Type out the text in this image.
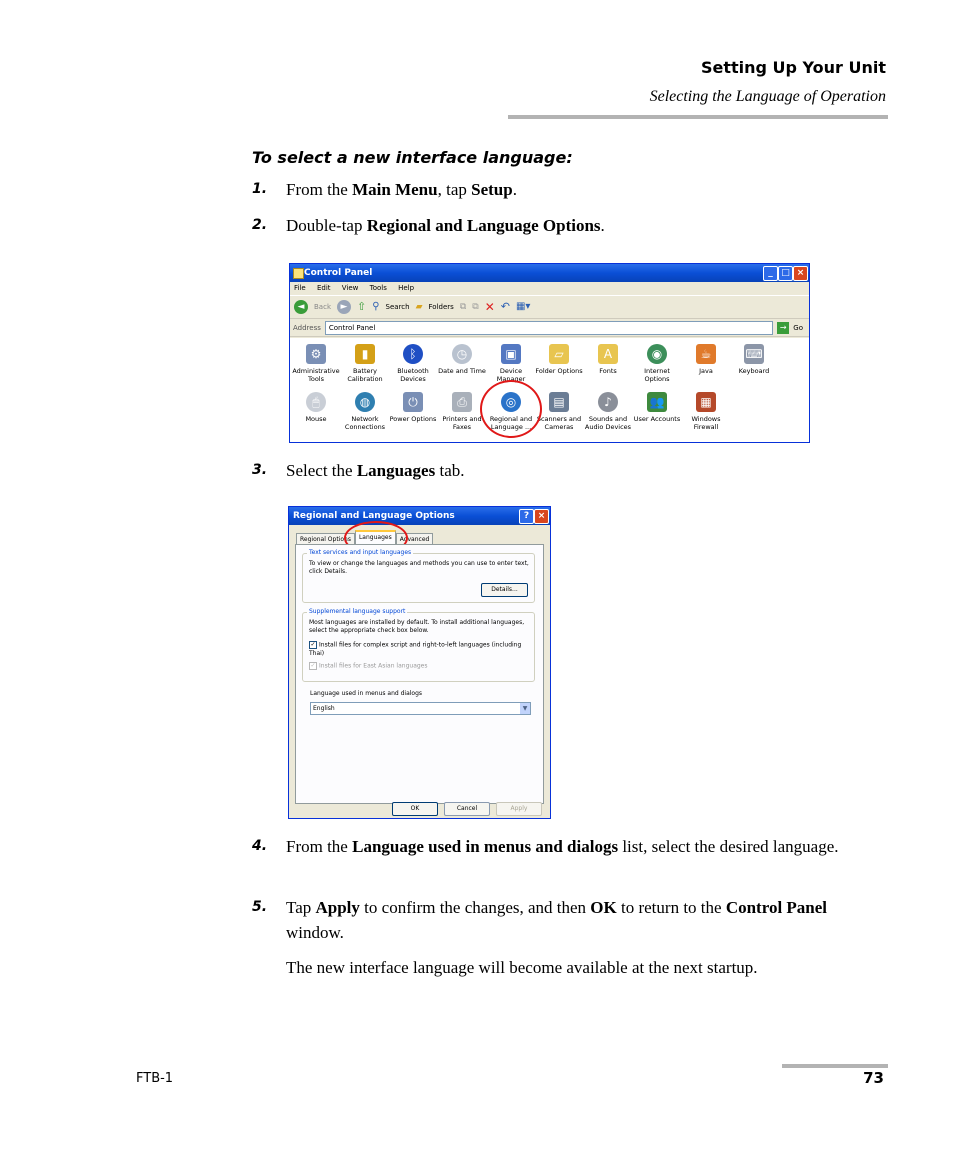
Setting Up Your Unit
Selecting the Language of Operation
To select a new interface language:
1. From the Main Menu, tap Setup.
2. Double-tap Regional and Language Options.
Control Panel	_ □ ×
File Edit View Tools Help
◄	Back	► ⇧ ⚲ Search ▰ Folders ⧉ ⧉ ✕ ↶ ▦▾
Address	Control Panel	→ Go
⚙
Administrative Tools
▮
Battery Calibration
ᛒ
Bluetooth Devices
◷
Date and Time
▣
Device Manager
▱
Folder Options
A
Fonts
◉
Internet Options
☕
Java
⌨
Keyboard
🖱
Mouse
◍
Network Connections
⏻
Power Options
⎙
Printers and Faxes
◎
Regional and Language ...
▤
Scanners and Cameras
♪
Sounds and Audio Devices
👥
User Accounts
▦
Windows Firewall
3. Select the Languages tab.
Regional and Language Options	? ×
Regional Options	Languages	Advanced
Text services and input languages
To view or change the languages and methods you can use to enter text, click Details.
Details...
Supplemental language support
Most languages are installed by default. To install additional languages, select the appropriate check box below.
✓ Install files for complex script and right-to-left languages (including Thai)
✓ Install files for East Asian languages
Language used in menus and dialogs
English	▼
OK	Cancel	Apply
4. From the Language used in menus and dialogs list, select the desired language.
5. Tap Apply to confirm the changes, and then OK to return to the Control Panel window.
The new interface language will become available at the next startup.
FTB-1	73
